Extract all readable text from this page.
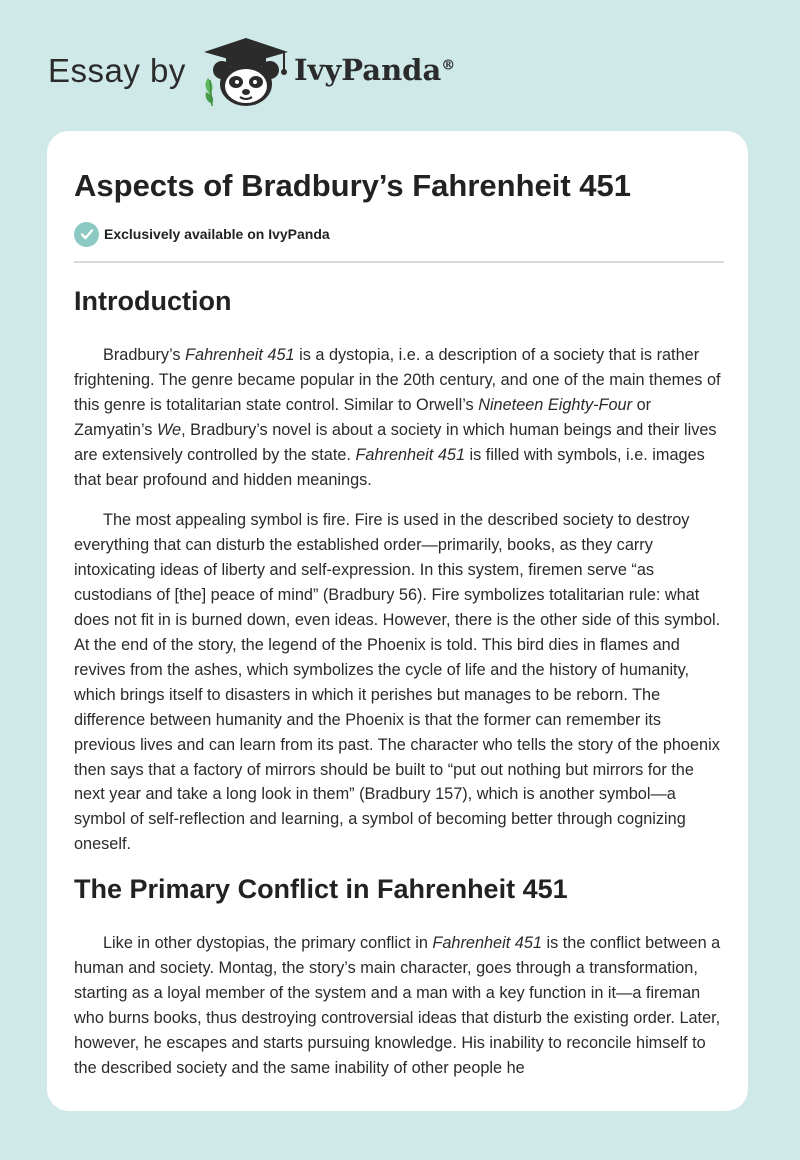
Essay by	IvyPanda®
Aspects of Bradbury’s Fahrenheit 451
Exclusively available on IvyPanda
Introduction

Bradbury’s Fahrenheit 451 is a dystopia, i.e. a description of a society that is rather frightening. The genre became popular in the 20th century, and one of the main themes of this genre is totalitarian state control. Similar to Orwell’s Nineteen Eighty-Four or Zamyatin’s We, Bradbury’s novel is about a society in which human beings and their lives are extensively controlled by the state. Fahrenheit 451 is filled with symbols, i.e. images that bear profound and hidden meanings.

The most appealing symbol is fire. Fire is used in the described society to destroy everything that can disturb the established order—primarily, books, as they carry intoxicating ideas of liberty and self-expression. In this system, firemen serve “as custodians of [the] peace of mind” (Bradbury 56). Fire symbolizes totalitarian rule: what does not fit in is burned down, even ideas. However, there is the other side of this symbol. At the end of the story, the legend of the Phoenix is told. This bird dies in flames and revives from the ashes, which symbolizes the cycle of life and the history of humanity, which brings itself to disasters in which it perishes but manages to be reborn. The difference between humanity and the Phoenix is that the former can remember its previous lives and can learn from its past. The character who tells the story of the phoenix then says that a factory of mirrors should be built to “put out nothing but mirrors for the next year and take a long look in them” (Bradbury 157), which is another symbol—a symbol of self-reflection and learning, a symbol of becoming better through cognizing oneself.

The Primary Conflict in Fahrenheit 451

Like in other dystopias, the primary conflict in Fahrenheit 451 is the conflict between a human and society. Montag, the story’s main character, goes through a transformation, starting as a loyal member of the system and a man with a key function in it—a fireman who burns books, thus destroying controversial ideas that disturb the existing order. Later, however, he escapes and starts pursuing knowledge. His inability to reconcile himself to the described society and the same inability of other people he
